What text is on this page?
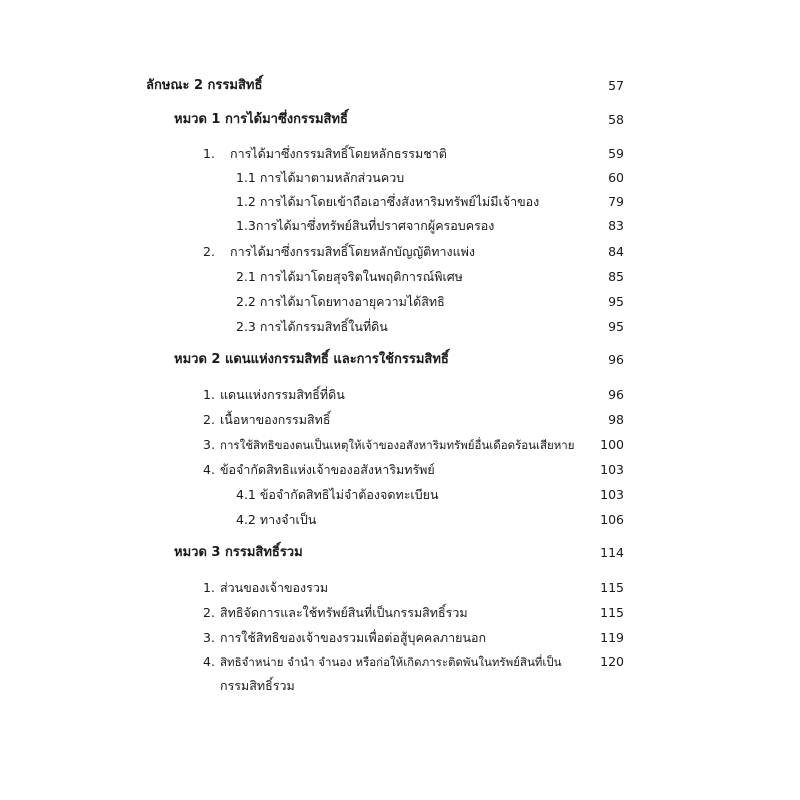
ลักษณะ 2 กรรมสิทธิ์	57
หมวด 1 การได้มาซึ่งกรรมสิทธิ์	58
1. การได้มาซึ่งกรรมสิทธิ์โดยหลักธรรมชาติ	59
1.1 การได้มาตามหลักส่วนควบ	60
1.2 การได้มาโดยเข้าถือเอาซึ่งสังหาริมทรัพย์ไม่มีเจ้าของ	79
1.3การได้มาซึ่งทรัพย์สินที่ปราศจากผู้ครอบครอง	83
2. การได้มาซึ่งกรรมสิทธิ์โดยหลักบัญญัติทางแพ่ง	84
2.1 การได้มาโดยสุจริตในพฤติการณ์พิเศษ	85
2.2 การได้มาโดยทางอายุความได้สิทธิ	95
2.3 การได้กรรมสิทธิ์ในที่ดิน	95
หมวด 2 แดนแห่งกรรมสิทธิ์ และการใช้กรรมสิทธิ์	96
1. แดนแห่งกรรมสิทธิ์ที่ดิน	96
2. เนื้อหาของกรรมสิทธิ์	98
3. การใช้สิทธิของตนเป็นเหตุให้เจ้าของอสังหาริมทรัพย์อื่นเดือดร้อนเสียหาย 100
4. ข้อจำกัดสิทธิแห่งเจ้าของอสังหาริมทรัพย์	103
4.1 ข้อจำกัดสิทธิไม่จำต้องจดทะเบียน	103
4.2 ทางจำเป็น	106
หมวด 3 กรรมสิทธิ์รวม	114
1. ส่วนของเจ้าของรวม	115
2. สิทธิจัดการและใช้ทรัพย์สินที่เป็นกรรมสิทธิ์รวม	115
3. การใช้สิทธิของเจ้าของรวมเพื่อต่อสู้บุคคลภายนอก	119
4. สิทธิจำหน่าย จำนำ จำนอง หรือก่อให้เกิดภาระติดพันในทรัพย์สินที่เป็น	120
กรรมสิทธิ์รวม
